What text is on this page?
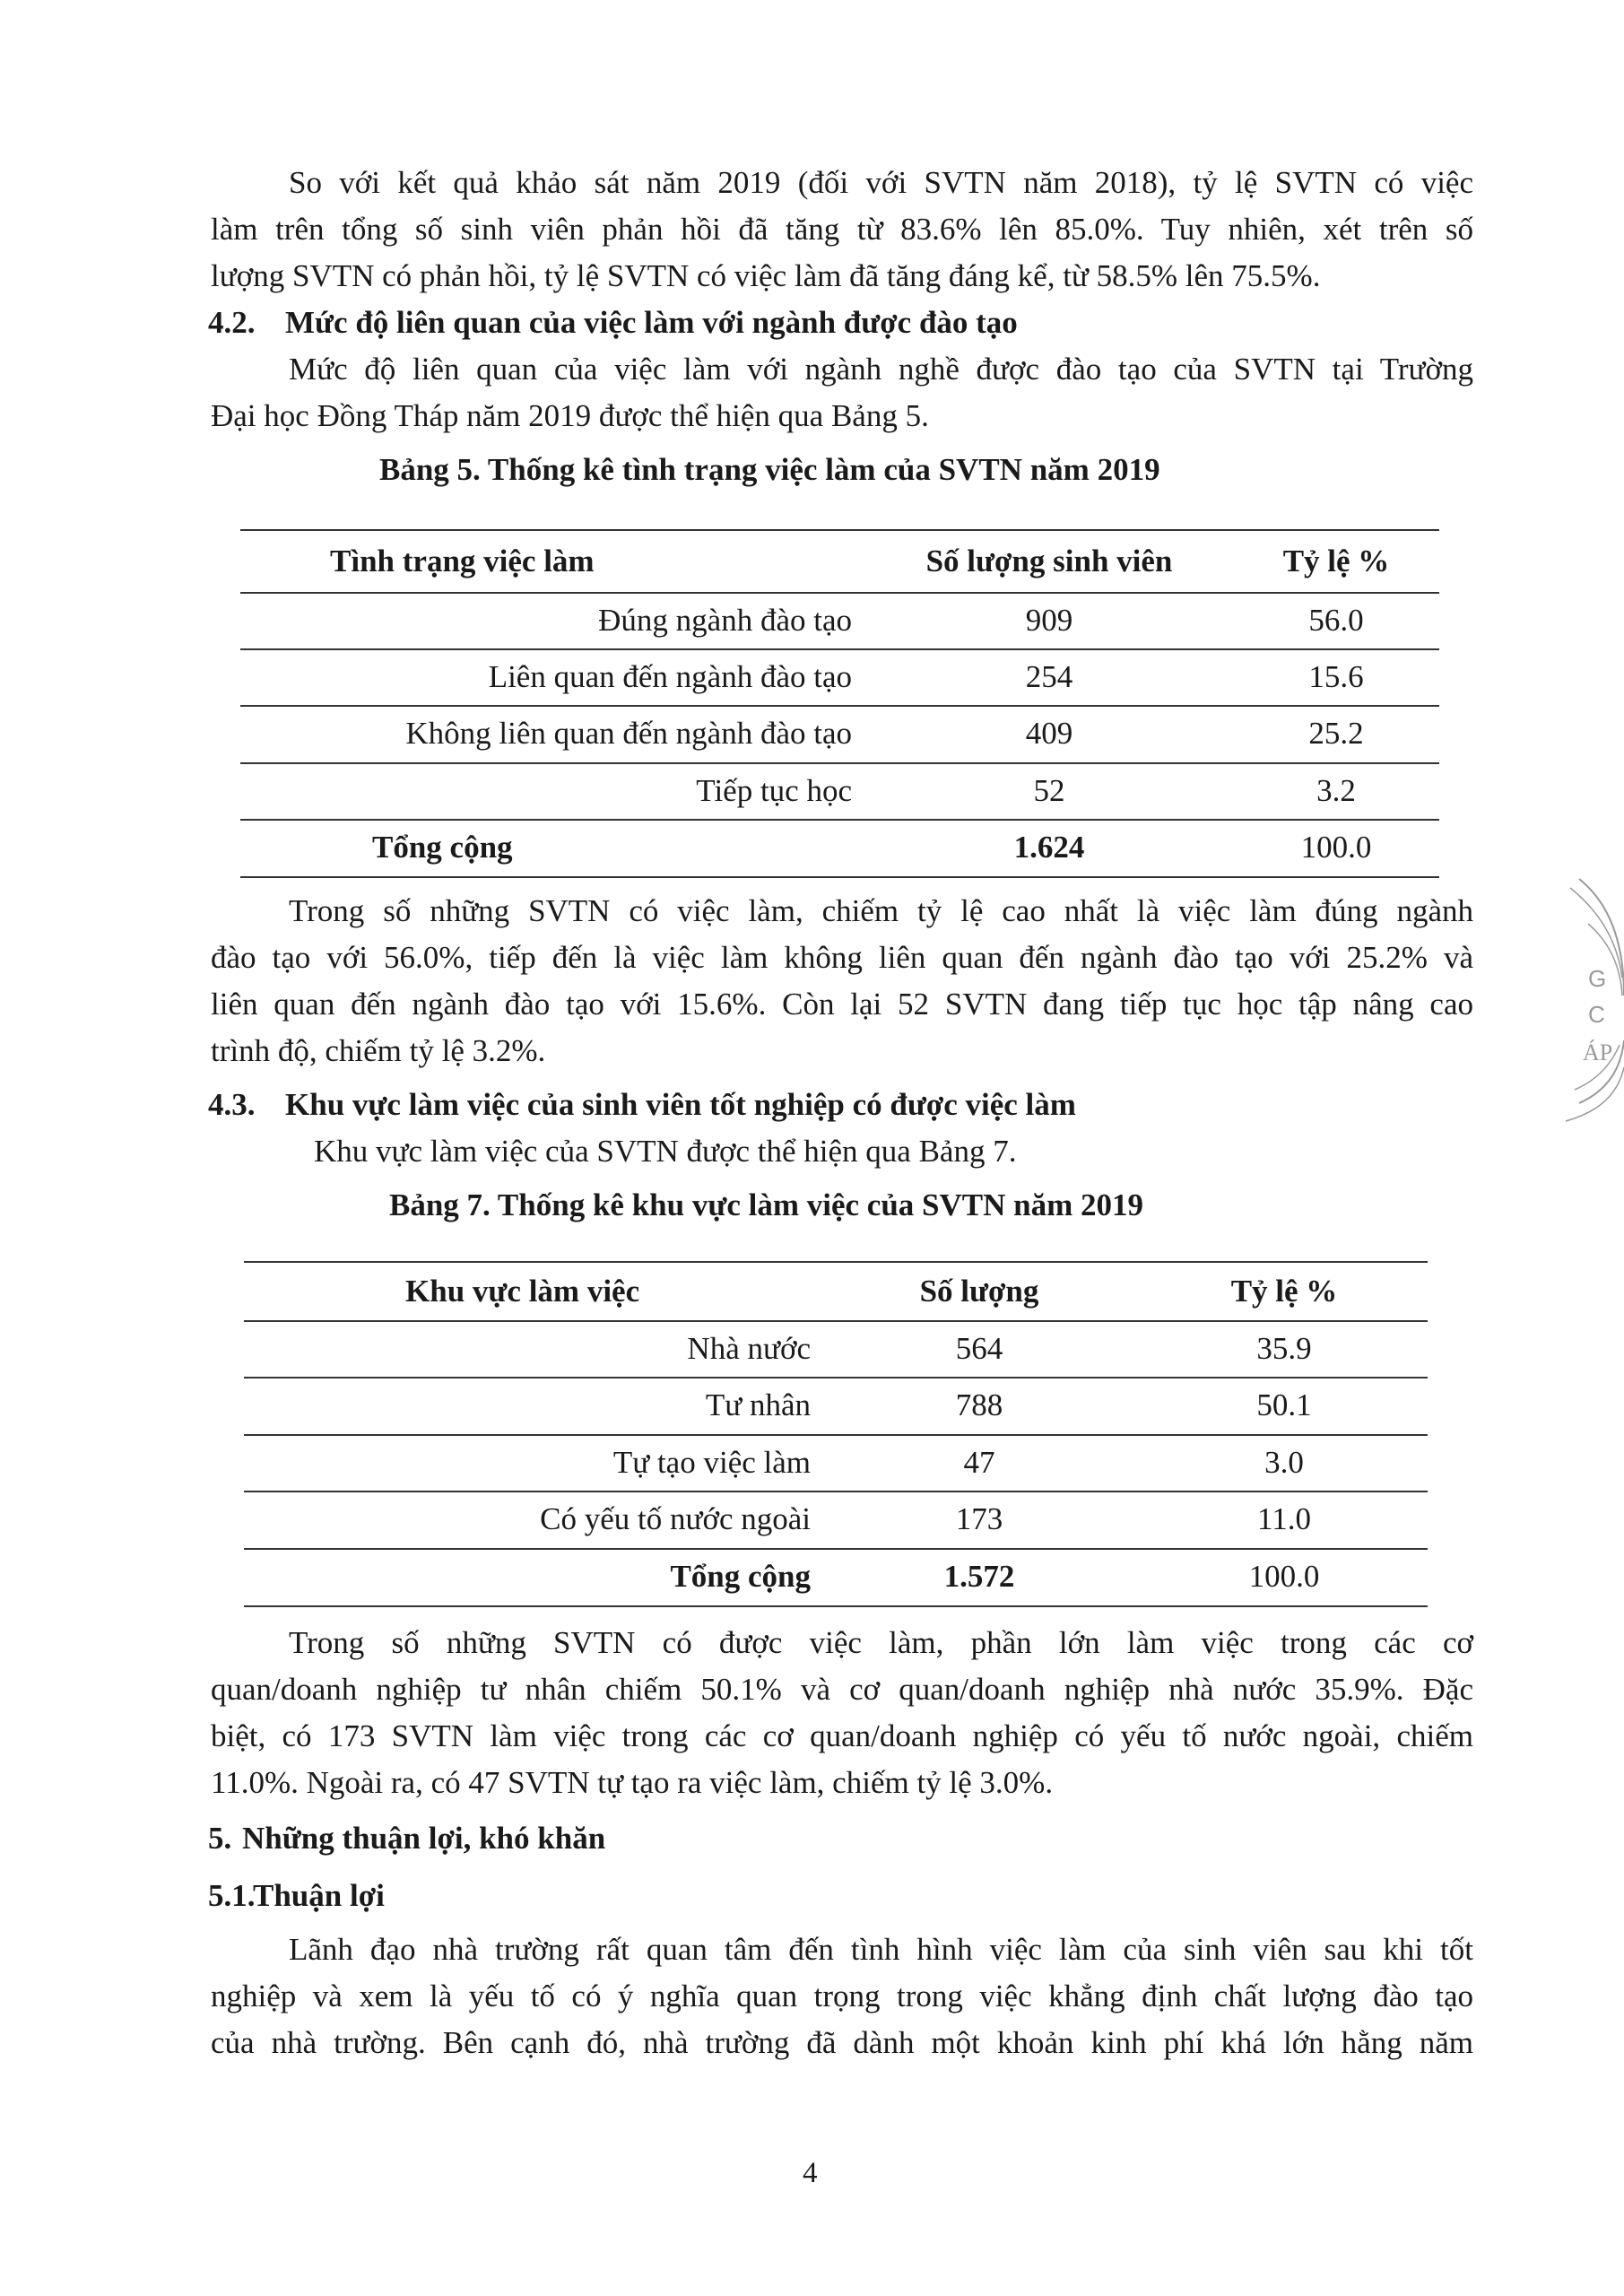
So với kết quả khảo sát năm 2019 (đối với SVTN năm 2018), tỷ lệ SVTN có việc
làm trên tổng số sinh viên phản hồi đã tăng từ 83.6% lên 85.0%. Tuy nhiên, xét trên số
lượng SVTN có phản hồi, tỷ lệ SVTN có việc làm đã tăng đáng kể, từ 58.5% lên 75.5%.
4.2. Mức độ liên quan của việc làm với ngành được đào tạo
Mức độ liên quan của việc làm với ngành nghề được đào tạo của SVTN tại Trường
Đại học Đồng Tháp năm 2019 được thể hiện qua Bảng 5.
Bảng 5. Thống kê tình trạng việc làm của SVTN năm 2019
Tình trạng việc làm	Số lượng sinh viên	Tỷ lệ %
Đúng ngành đào tạo	909	56.0
Liên quan đến ngành đào tạo	254	15.6
Không liên quan đến ngành đào tạo	409	25.2
Tiếp tục học	52	3.2
Tổng cộng	1.624	100.0
Trong số những SVTN có việc làm, chiếm tỷ lệ cao nhất là việc làm đúng ngành
đào tạo với 56.0%, tiếp đến là việc làm không liên quan đến ngành đào tạo với 25.2% và
liên quan đến ngành đào tạo với 15.6%. Còn lại 52 SVTN đang tiếp tục học tập nâng cao
trình độ, chiếm tỷ lệ 3.2%.
4.3. Khu vực làm việc của sinh viên tốt nghiệp có được việc làm
Khu vực làm việc của SVTN được thể hiện qua Bảng 7.
Bảng 7. Thống kê khu vực làm việc của SVTN năm 2019
Khu vực làm việc	Số lượng	Tỷ lệ %
Nhà nước	564	35.9
Tư nhân	788	50.1
Tự tạo việc làm	47	3.0
Có yếu tố nước ngoài	173	11.0
Tổng cộng	1.572	100.0
Trong số những SVTN có được việc làm, phần lớn làm việc trong các cơ
quan/doanh nghiệp tư nhân chiếm 50.1% và cơ quan/doanh nghiệp nhà nước 35.9%. Đặc
biệt, có 173 SVTN làm việc trong các cơ quan/doanh nghiệp có yếu tố nước ngoài, chiếm
11.0%. Ngoài ra, có 47 SVTN tự tạo ra việc làm, chiếm tỷ lệ 3.0%.
5. Những thuận lợi, khó khăn
5.1.Thuận lợi
Lãnh đạo nhà trường rất quan tâm đến tình hình việc làm của sinh viên sau khi tốt
nghiệp và xem là yếu tố có ý nghĩa quan trọng trong việc khẳng định chất lượng đào tạo
của nhà trường. Bên cạnh đó, nhà trường đã dành một khoản kinh phí khá lớn hằng năm
4
G
C
ÁP
